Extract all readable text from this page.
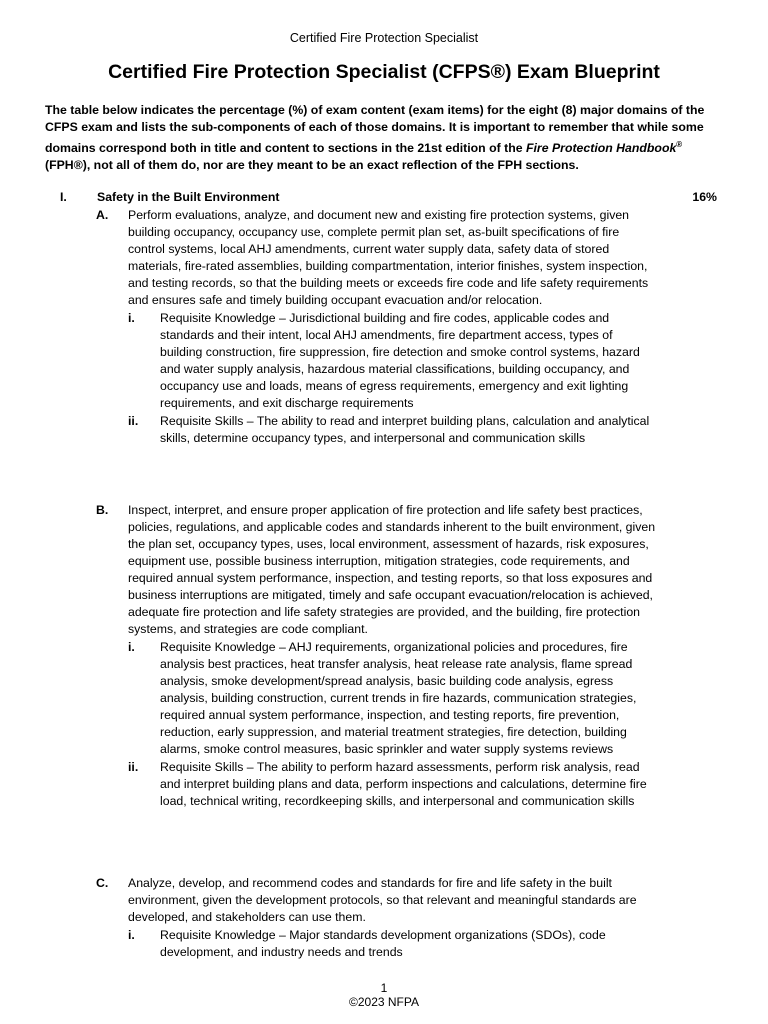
Certified Fire Protection Specialist
Certified Fire Protection Specialist (CFPS®) Exam Blueprint

The table below indicates the percentage (%) of exam content (exam items) for the eight (8) major domains of the CFPS exam and lists the sub-components of each of those domains. It is important to remember that while some domains correspond both in title and content to sections in the 21st edition of the Fire Protection Handbook® (FPH®), not all of them do, nor are they meant to be an exact reflection of the FPH sections.

I. Safety in the Built Environment	16%
A.	Perform evaluations, analyze, and document new and existing fire protection systems, given building occupancy, occupancy use, complete permit plan set, as-built specifications of fire control systems, local AHJ amendments, current water supply data, safety data of stored materials, fire-rated assemblies, building compartmentation, interior finishes, system inspection, and testing records, so that the building meets or exceeds fire code and life safety requirements and ensures safe and timely building occupant evacuation and/or relocation.
i.	Requisite Knowledge – Jurisdictional building and fire codes, applicable codes and standards and their intent, local AHJ amendments, fire department access, types of building construction, fire suppression, fire detection and smoke control systems, hazard and water supply analysis, hazardous material classifications, building occupancy, and occupancy use and loads, means of egress requirements, emergency and exit lighting requirements, and exit discharge requirements
ii.	Requisite Skills – The ability to read and interpret building plans, calculation and analytical skills, determine occupancy types, and interpersonal and communication skills
B.	Inspect, interpret, and ensure proper application of fire protection and life safety best practices, policies, regulations, and applicable codes and standards inherent to the built environment, given the plan set, occupancy types, uses, local environment, assessment of hazards, risk exposures, equipment use, possible business interruption, mitigation strategies, code requirements, and required annual system performance, inspection, and testing reports, so that loss exposures and business interruptions are mitigated, timely and safe occupant evacuation/relocation is achieved, adequate fire protection and life safety strategies are provided, and the building, fire protection systems, and strategies are code compliant.
i.	Requisite Knowledge – AHJ requirements, organizational policies and procedures, fire analysis best practices, heat transfer analysis, heat release rate analysis, flame spread analysis, smoke development/spread analysis, basic building code analysis, egress analysis, building construction, current trends in fire hazards, communication strategies, required annual system performance, inspection, and testing reports, fire prevention, reduction, early suppression, and material treatment strategies, fire detection, building alarms, smoke control measures, basic sprinkler and water supply systems reviews
ii.	Requisite Skills – The ability to perform hazard assessments, perform risk analysis, read and interpret building plans and data, perform inspections and calculations, determine fire load, technical writing, recordkeeping skills, and interpersonal and communication skills
C.	Analyze, develop, and recommend codes and standards for fire and life safety in the built environment, given the development protocols, so that relevant and meaningful standards are developed, and stakeholders can use them.
i.	Requisite Knowledge – Major standards development organizations (SDOs), code development, and industry needs and trends
1
©2023 NFPA
